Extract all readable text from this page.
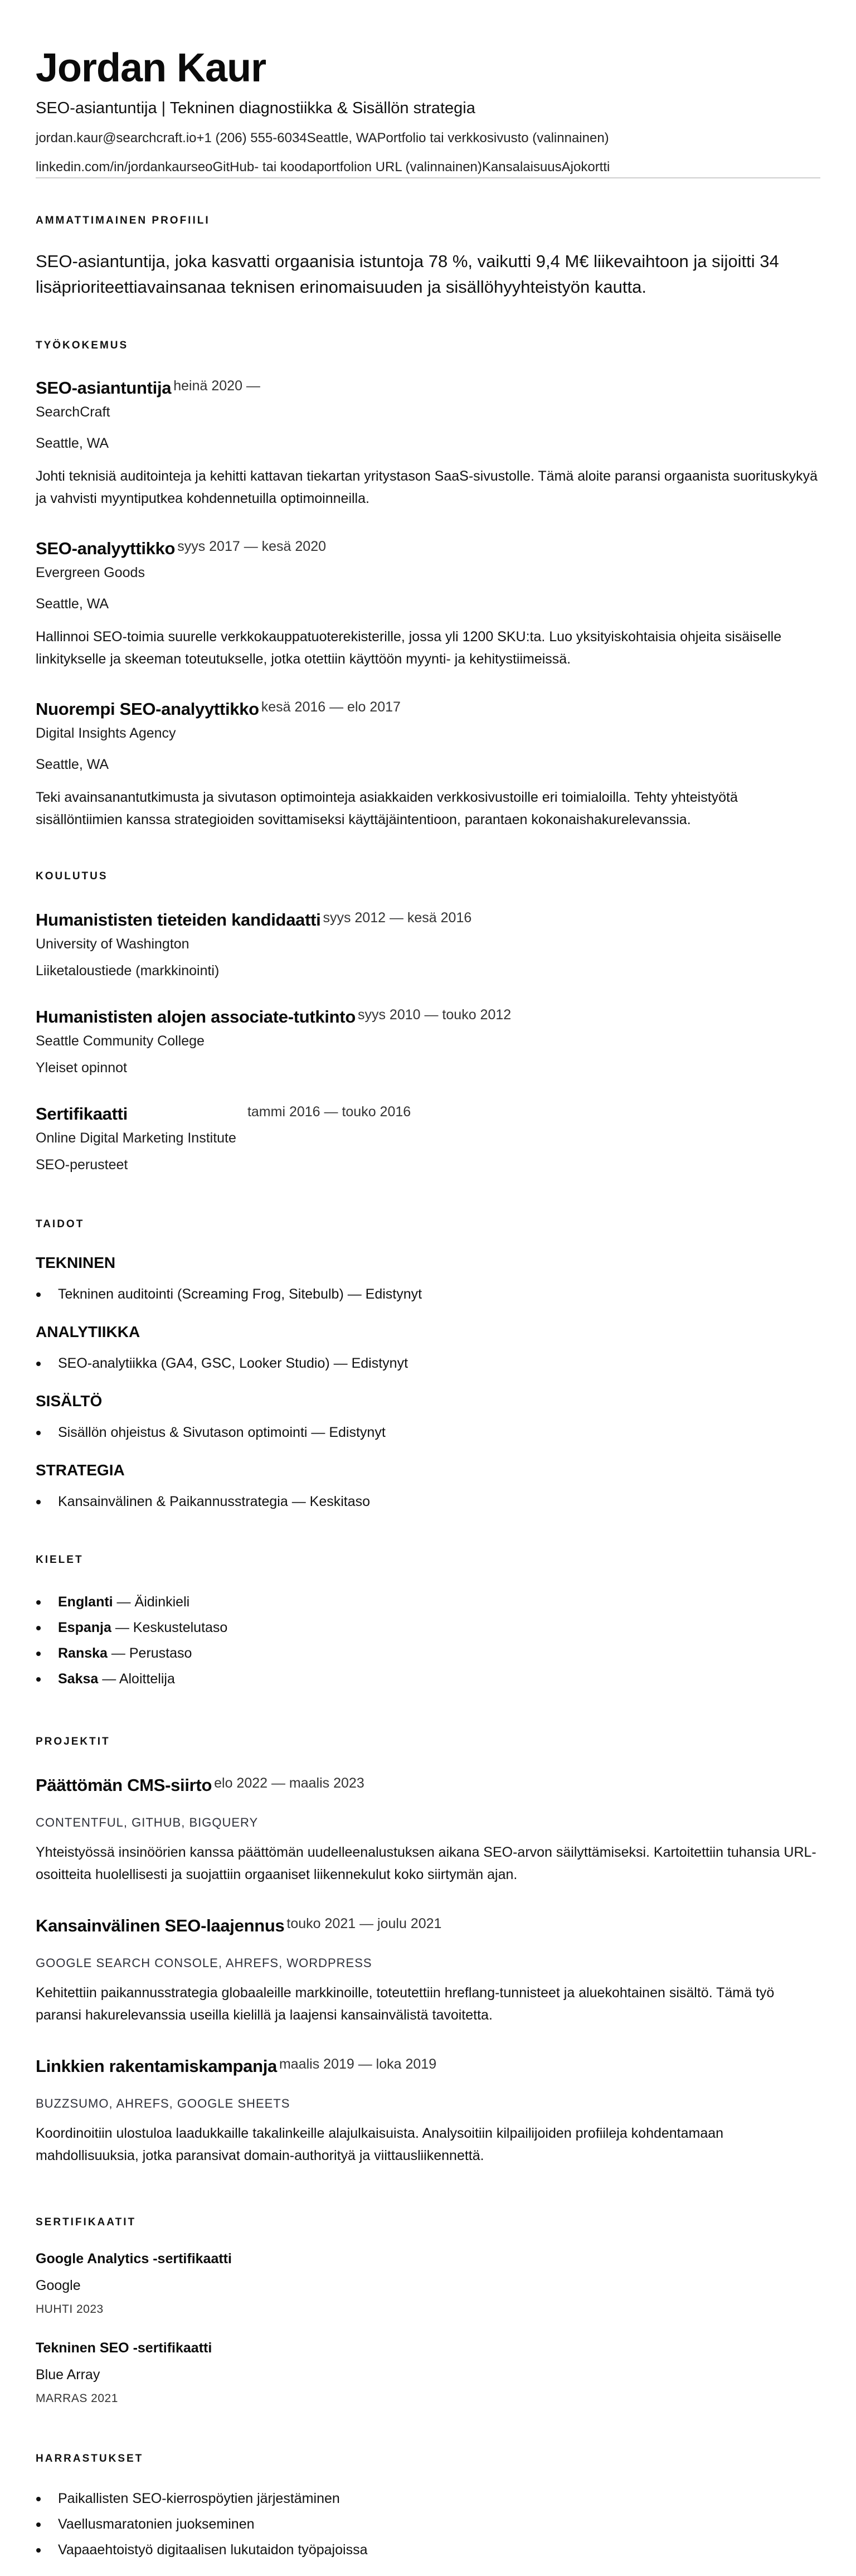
Jordan Kaur
SEO-asiantuntija | Tekninen diagnostiikka & Sisällön strategia
jordan.kaur@searchcraft.io+1 (206) 555-6034Seattle, WAPortfolio tai verkkosivusto (valinnainen)
linkedin.com/in/jordankaurseoGitHub- tai koodaportfolion URL (valinnainen)KansalaisuusAjokortti
AMMATTIMAINEN PROFIILI

SEO-asiantuntija, joka kasvatti orgaanisia istuntoja 78 %, vaikutti 9,4 M€ liikevaihtoon ja sijoitti 34 lisäprioriteettiavainsanaa teknisen erinomaisuuden ja sisällöhyyhteistyön kautta.

TYÖKOKEMUS
SEO-asiantuntija heinä 2020 —
SearchCraft
Seattle, WA

Johti teknisiä auditointeja ja kehitti kattavan tiekartan yritystason SaaS-sivustolle. Tämä aloite paransi orgaanista suorituskykyä ja vahvisti myyntiputkea kohdennetuilla optimoinneilla.

SEO-analyyttikko syys 2017 — kesä 2020
Evergreen Goods
Seattle, WA

Hallinnoi SEO-toimia suurelle verkkokauppatuoterekisterille, jossa yli 1200 SKU:ta. Luo yksityiskohtaisia ohjeita sisäiselle linkitykselle ja skeeman toteutukselle, jotka otettiin käyttöön myynti- ja kehitystiimeissä.

Nuorempi SEO-analyyttikko kesä 2016 — elo 2017
Digital Insights Agency
Seattle, WA

Teki avainsanantutkimusta ja sivutason optimointeja asiakkaiden verkkosivustoille eri toimialoilla. Tehty yhteistyötä sisällöntiimien kanssa strategioiden sovittamiseksi käyttäjäintentioon, parantaen kokonaishakurelevanssia.

KOULUTUS
Humanististen tieteiden kandidaatti syys 2012 — kesä 2016
University of Washington
Liiketaloustiede (markkinointi)
Humanististen alojen associate-tutkinto syys 2010 — touko 2012
Seattle Community College
Yleiset opinnot
Sertifikaatti	tammi 2016 — touko 2016
Online Digital Marketing Institute
SEO-perusteet
TAIDOT
TEKNINEN
Tekninen auditointi (Screaming Frog, Sitebulb) — Edistynyt
ANALYTIIKKA
SEO-analytiikka (GA4, GSC, Looker Studio) — Edistynyt
SISÄLTÖ
Sisällön ohjeistus & Sivutason optimointi — Edistynyt
STRATEGIA
Kansainvälinen & Paikannusstrategia — Keskitaso
KIELET
Englanti — Äidinkieli
Espanja — Keskustelutaso
Ranska — Perustaso
Saksa — Aloittelija
PROJEKTIT
Päättömän CMS-siirto elo 2022 — maalis 2023
CONTENTFUL, GITHUB, BIGQUERY

Yhteistyössä insinöörien kanssa päättömän uudelleenalustuksen aikana SEO-arvon säilyttämiseksi. Kartoitettiin tuhansia URL-osoitteita huolellisesti ja suojattiin orgaaniset liikennekulut koko siirtymän ajan.

Kansainvälinen SEO-laajennus touko 2021 — joulu 2021
GOOGLE SEARCH CONSOLE, AHREFS, WORDPRESS

Kehitettiin paikannusstrategia globaaleille markkinoille, toteutettiin hreflang-tunnisteet ja aluekohtainen sisältö. Tämä työ paransi hakurelevanssia useilla kielillä ja laajensi kansainvälistä tavoitetta.

Linkkien rakentamiskampanja maalis 2019 — loka 2019
BUZZSUMO, AHREFS, GOOGLE SHEETS

Koordinoitiin ulostuloa laadukkaille takalinkeille alajulkaisuista. Analysoitiin kilpailijoiden profiileja kohdentamaan mahdollisuuksia, jotka paransivat domain-authorityä ja viittausliikennettä.

SERTIFIKAATIT
Google Analytics -sertifikaatti
Google
HUHTI 2023
Tekninen SEO -sertifikaatti
Blue Array
MARRAS 2021
HARRASTUKSET
Paikallisten SEO-kierrospöytien järjestäminen
Vaellusmaratonien juokseminen
Vapaaehtoistyö digitaalisen lukutaidon työpajoissa
